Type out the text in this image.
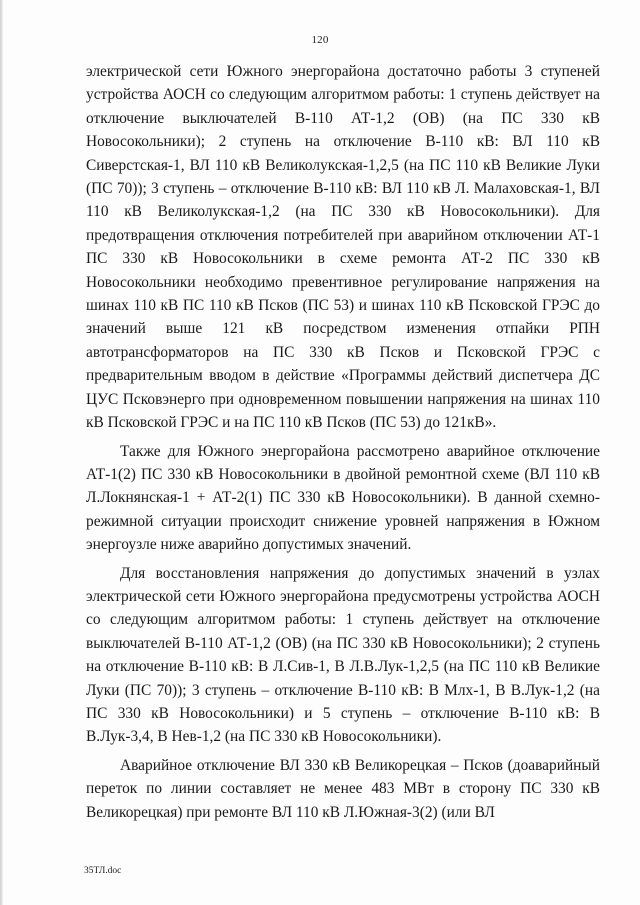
120

электрической сети Южного энергорайона достаточно работы 3 ступеней устройства АОСН со следующим алгоритмом работы: 1 ступень действует на отключение выключателей В-110 АТ-1,2 (ОВ) (на ПС 330 кВ Новосокольники); 2 ступень на отключение В-110 кВ: ВЛ 110 кВ Сиверстская-1, ВЛ 110 кВ Великолукская-1,2,5 (на ПС 110 кВ Великие Луки (ПС 70)); 3 ступень – отключение В-110 кВ: ВЛ 110 кВ Л. Малаховская-1, ВЛ 110 кВ Великолукская-1,2 (на ПС 330 кВ Новосокольники). Для предотвращения отключения потребителей при аварийном отключении АТ-1 ПС 330 кВ Новосокольники в схеме ремонта АТ-2 ПС 330 кВ Новосокольники необходимо превентивное регулирование напряжения на шинах 110 кВ ПС 110 кВ Псков (ПС 53) и шинах 110 кВ Псковской ГРЭС до значений выше 121 кВ посредством изменения отпайки РПН автотрансформаторов на ПС 330 кВ Псков и Псковской ГРЭС с предварительным вводом в действие «Программы действий диспетчера ДС ЦУС Псковэнерго при одновременном повышении напряжения на шинах 110 кВ Псковской ГРЭС и на ПС 110 кВ Псков (ПС 53) до 121кВ».

Также для Южного энергорайона рассмотрено аварийное отключение АТ-1(2) ПС 330 кВ Новосокольники в двойной ремонтной схеме (ВЛ 110 кВ Л.Локнянская-1 + АТ-2(1) ПС 330 кВ Новосокольники). В данной схемно-режимной ситуации происходит снижение уровней напряжения в Южном энергоузле ниже аварийно допустимых значений.

Для восстановления напряжения до допустимых значений в узлах электрической сети Южного энергорайона предусмотрены устройства АОСН со следующим алгоритмом работы: 1 ступень действует на отключение выключателей В-110 АТ-1,2 (ОВ) (на ПС 330 кВ Новосокольники); 2 ступень на отключение В-110 кВ: В Л.Сив-1, В Л.В.Лук-1,2,5 (на ПС 110 кВ Великие Луки (ПС 70)); 3 ступень – отключение В-110 кВ: В Млх-1, В В.Лук-1,2 (на ПС 330 кВ Новосокольники) и 5 ступень – отключение В-110 кВ: В В.Лук-3,4, В Нев-1,2 (на ПС 330 кВ Новосокольники).

Аварийное отключение ВЛ 330 кВ Великорецкая – Псков (доаварийный переток по линии составляет не менее 483 МВт в сторону ПС 330 кВ Великорецкая) при ремонте ВЛ 110 кВ Л.Южная-3(2) (или ВЛ

35ТЛ.doc
